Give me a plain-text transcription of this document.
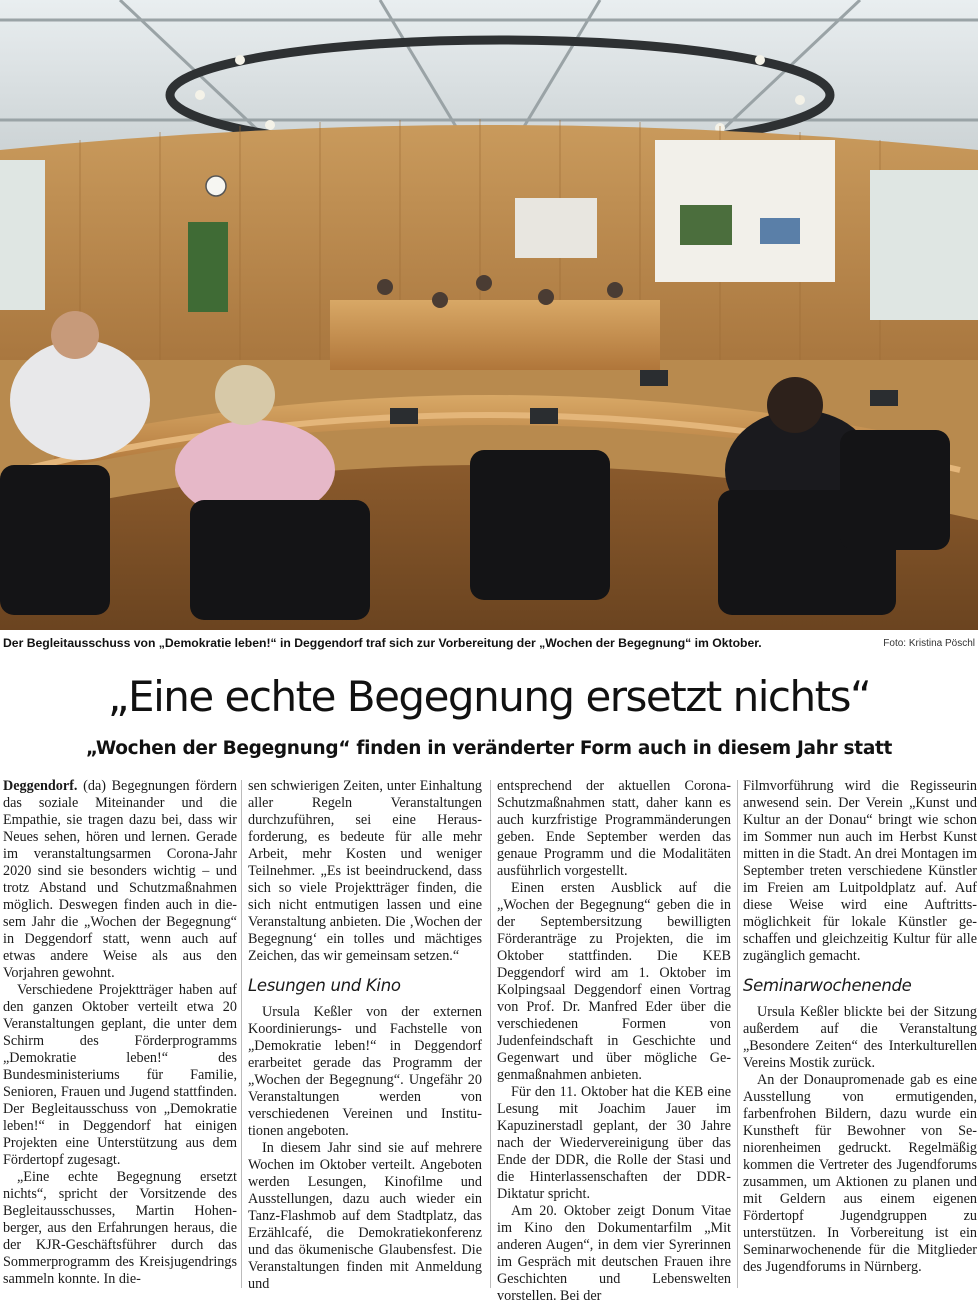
Der Begleitausschuss von „Demokratie leben!“ in Deggendorf traf sich zur Vorbereitung der „Wochen der Begegnung“ im Oktober.	Foto: Kristina Pöschl
„Eine echte Begegnung ersetzt nichts“
„Wochen der Begegnung“ finden in veränderter Form auch in diesem Jahr statt

Deggendorf. (da) Begegnungen fördern das soziale Miteinander und die Empathie, sie tragen dazu bei, dass wir Neues sehen, hören und lernen. Gerade im veranstaltungsarmen Corona-Jahr 2020 sind sie besonders wichtig – und trotz Abstand und Schutzmaßnahmen möglich. Deswegen finden auch in diesem Jahr die „Wochen der Begegnung“ in Deggendorf statt, wenn auch auf etwas andere Weise als aus den Vorjahren gewohnt.

Verschiedene Projektträger haben auf den ganzen Oktober verteilt etwa 20 Veranstaltungen geplant, die unter dem Schirm des Förderprogramms „Demokratie leben!“ des Bundesministeriums für Familie, Senioren, Frauen und Jugend stattfinden. Der Begleitausschuss von „Demokratie leben!“ in Deggendorf hat einigen Projekten eine Unterstützung aus dem Fördertopf zugesagt.

„Eine echte Begegnung ersetzt nichts“, spricht der Vorsitzende des Begleitausschusses, Martin Hohenberger, aus den Erfahrungen heraus, die der KJR-Geschäftsführer durch das Sommerprogramm des Kreisjugendrings sammeln konnte. In die-

sen schwierigen Zeiten, unter Einhaltung aller Regeln Veranstaltungen durchzuführen, sei eine Herausforderung, es bedeute für alle mehr Arbeit, mehr Kosten und weniger Teilnehmer. „Es ist beeindruckend, dass sich so viele Projektträger finden, die sich nicht entmutigen lassen und eine Veranstaltung anbieten. Die ‚Wochen der Begegnung‘ ein tolles und mächtiges Zeichen, das wir gemeinsam setzen.“

Lesungen und Kino

Ursula Keßler von der externen Koordinierungs- und Fachstelle von „Demokratie leben!“ in Deggendorf erarbeitet gerade das Programm der „Wochen der Begegnung“. Ungefähr 20 Veranstaltungen werden von verschiedenen Vereinen und Institutionen angeboten.

In diesem Jahr sind sie auf mehrere Wochen im Oktober verteilt. Angeboten werden Lesungen, Kinofilme und Ausstellungen, dazu auch wieder ein Tanz-Flashmob auf dem Stadtplatz, das Erzählcafé, die Demokratiekonferenz und das ökumenische Glaubensfest. Die Veranstaltungen finden mit Anmeldung und

entsprechend der aktuellen Corona-Schutzmaßnahmen statt, daher kann es auch kurzfristige Programmänderungen geben. Ende September werden das genaue Programm und die Modalitäten ausführlich vorgestellt.

Einen ersten Ausblick auf die „Wochen der Begegnung“ geben die in der Septembersitzung bewilligten Förderanträge zu Projekten, die im Oktober stattfinden. Die KEB Deggendorf wird am 1. Oktober im Kolpingsaal Deggendorf einen Vortrag von Prof. Dr. Manfred Eder über die verschiedenen Formen von Judenfeindschaft in Geschichte und Gegenwart und über mögliche Gegenmaßnahmen anbieten.

Für den 11. Oktober hat die KEB eine Lesung mit Joachim Jauer im Kapuzinerstadl geplant, der 30 Jahre nach der Wiedervereinigung über das Ende der DDR, die Rolle der Stasi und die Hinterlassenschaften der DDR-Diktatur spricht.

Am 20. Oktober zeigt Donum Vitae im Kino den Dokumentarfilm „Mit anderen Augen“, in dem vier Syrerinnen im Gespräch mit deutschen Frauen ihre Geschichten und Lebenswelten vorstellen. Bei der

Filmvorführung wird die Regisseurin anwesend sein. Der Verein „Kunst und Kultur an der Donau“ bringt wie schon im Sommer nun auch im Herbst Kunst mitten in die Stadt. An drei Montagen im September treten verschiedene Künstler im Freien am Luitpoldplatz auf. Auf diese Weise wird eine Auftrittsmöglichkeit für lokale Künstler geschaffen und gleichzeitig Kultur für alle zugänglich gemacht.

Seminarwochenende

Ursula Keßler blickte bei der Sitzung außerdem auf die Veranstaltung „Besondere Zeiten“ des Interkulturellen Vereins Mostik zurück.

An der Donaupromenade gab es eine Ausstellung von ermutigenden, farbenfrohen Bildern, dazu wurde ein Kunstheft für Bewohner von Seniorenheimen gedruckt. Regelmäßig kommen die Vertreter des Jugendforums zusammen, um Aktionen zu planen und mit Geldern aus einem eigenen Fördertopf Jugendgruppen zu unterstützen. In Vorbereitung ist ein Seminarwochenende für die Mitglieder des Jugendforums in Nürnberg.
